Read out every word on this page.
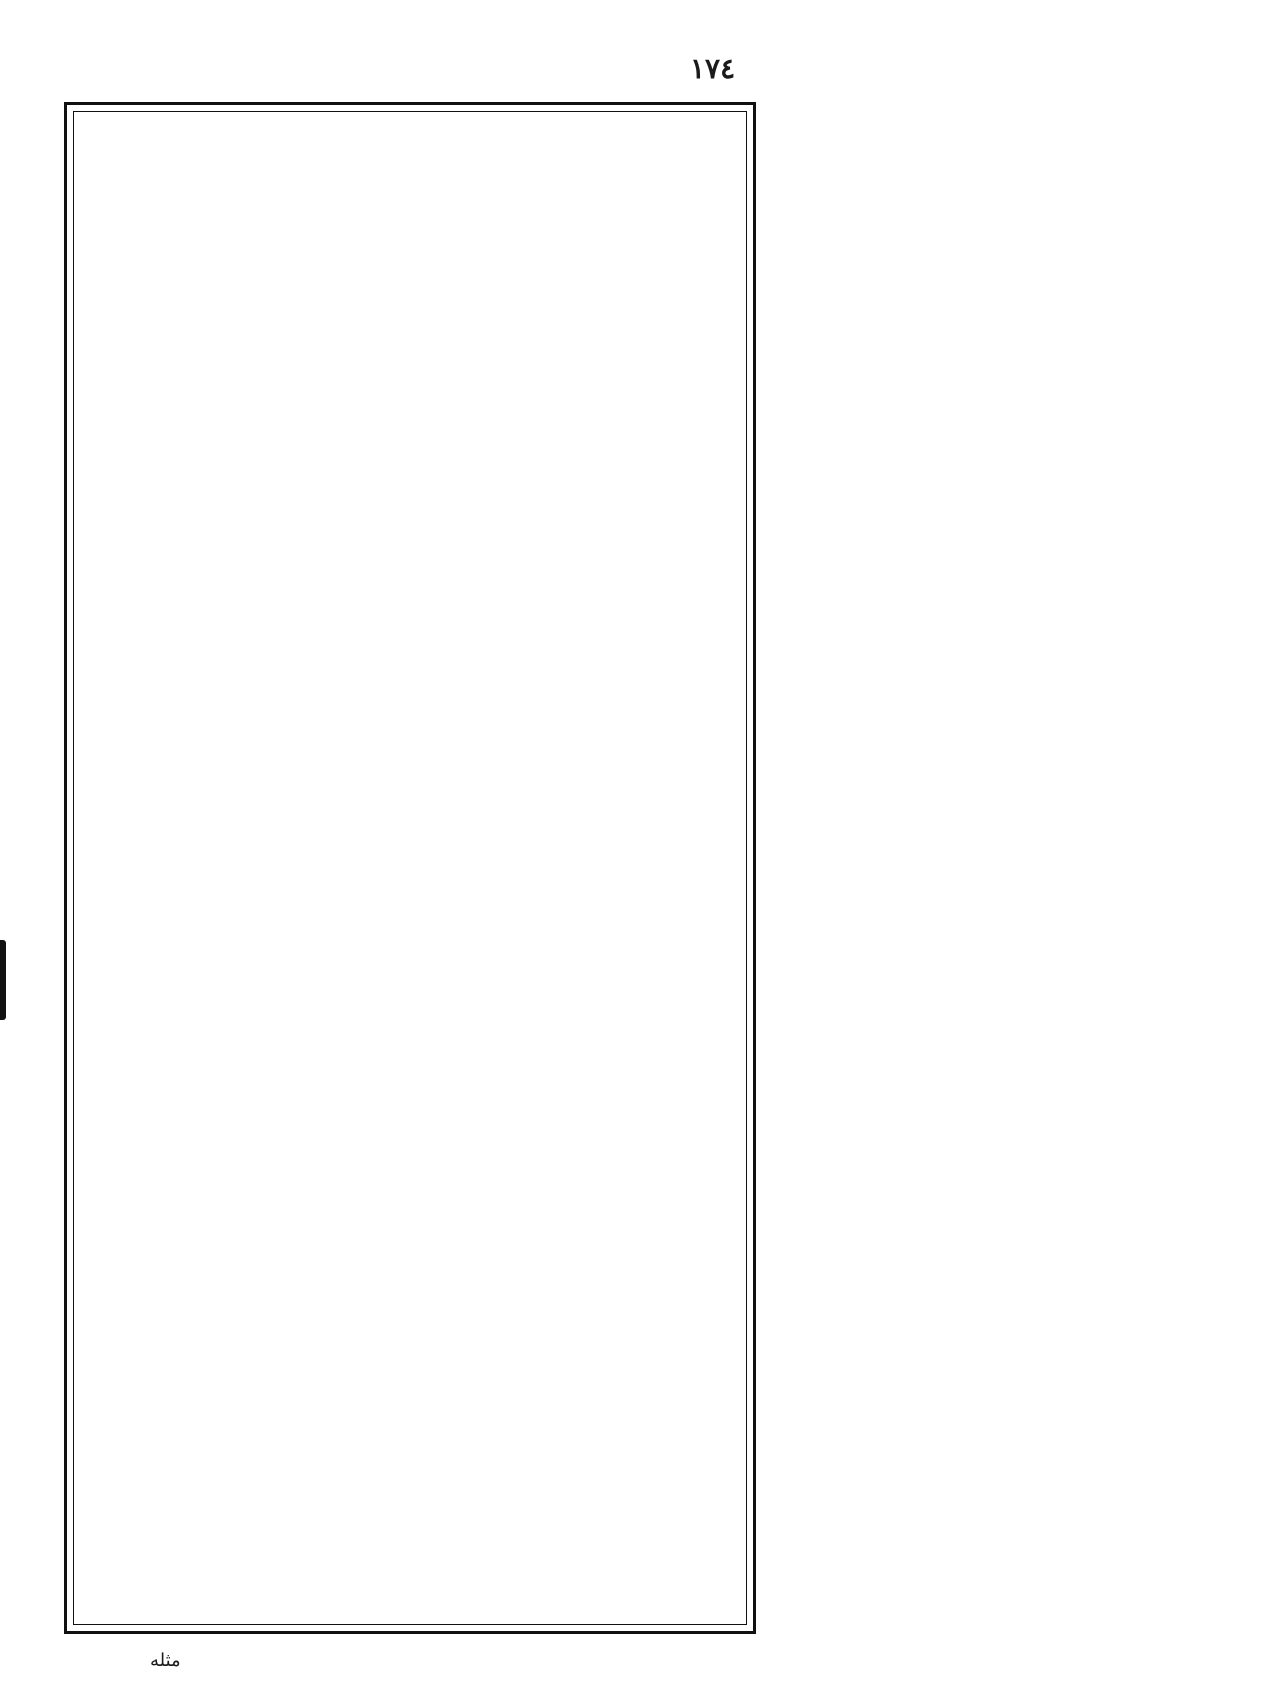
١٧٤
مثله
